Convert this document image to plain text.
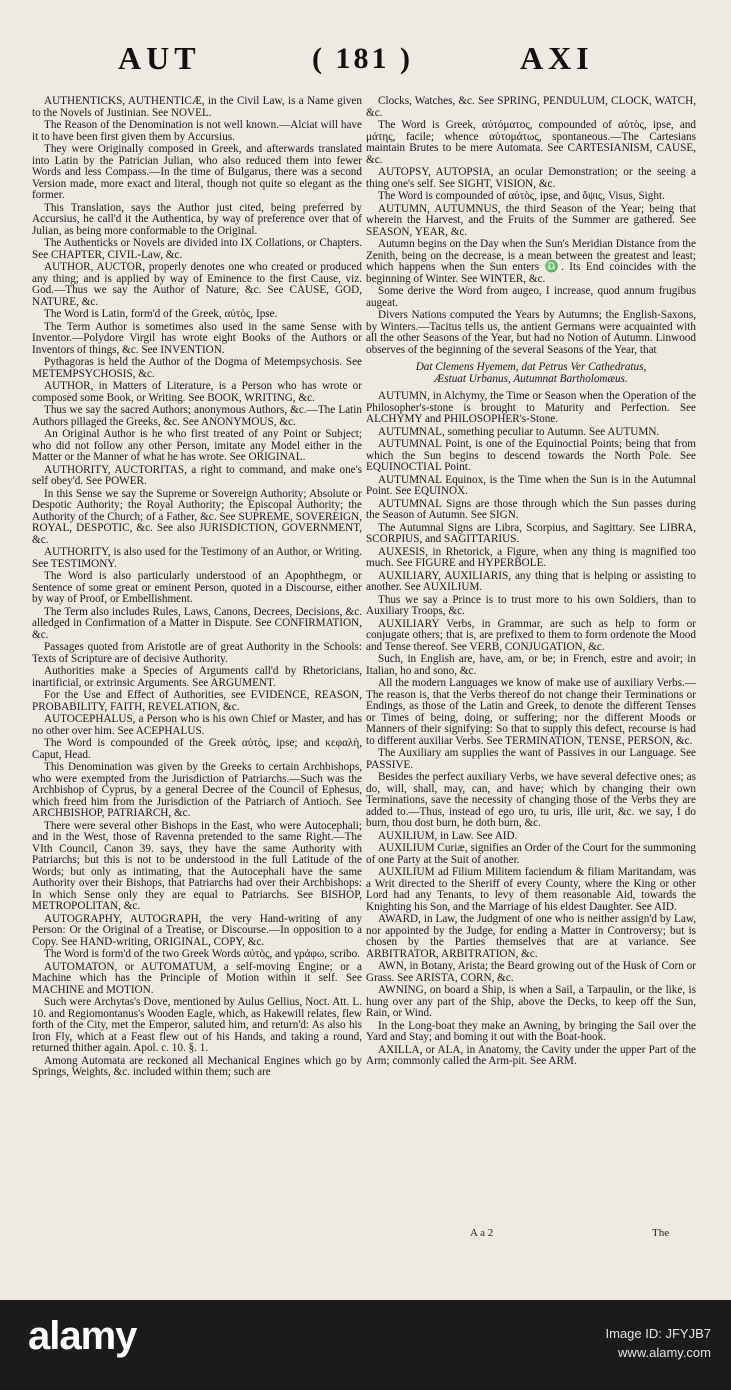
AUT	( 181 )	AXI

AUTHENTICKS, AUTHENTICÆ, in the Civil Law, is a Name given to the Novels of Justinian. See NOVEL.

The Reason of the Denomination is not well known.—Alciat will have it to have been first given them by Accursius.

They were Originally composed in Greek, and afterwards translated into Latin by the Patrician Julian, who also reduced them into fewer Words and less Compass.—In the time of Bulgarus, there was a second Version made, more exact and literal, though not quite so elegant as the former.

This Translation, says the Author just cited, being preferred by Accursius, he call'd it the Authentica, by way of preference over that of Julian, as being more conformable to the Original.

The Authenticks or Novels are divided into IX Collations, or Chapters. See CHAPTER, CIVIL-Law, &c.

AUTHOR, AUCTOR, properly denotes one who created or produced any thing; and is applied by way of Eminence to the first Cause, viz. God.—Thus we say the Author of Nature, &c. See CAUSE, GOD, NATURE, &c.

The Word is Latin, form'd of the Greek, αὐτὸς, Ipse.

The Term Author is sometimes also used in the same Sense with Inventor.—Polydore Virgil has wrote eight Books of the Authors or Inventors of things, &c. See INVENTION.

Pythagoras is held the Author of the Dogma of Metempsychosis. See METEMPSYCHOSIS, &c.

AUTHOR, in Matters of Literature, is a Person who has wrote or composed some Book, or Writing. See BOOK, WRITING, &c.

Thus we say the sacred Authors; anonymous Authors, &c.—The Latin Authors pillaged the Greeks, &c. See ANONYMOUS, &c.

An Original Author is he who first treated of any Point or Subject; who did not follow any other Person, imitate any Model either in the Matter or the Manner of what he has wrote. See ORIGINAL.

AUTHORITY, AUCTORITAS, a right to command, and make one's self obey'd. See POWER.

In this Sense we say the Supreme or Sovereign Authority; Absolute or Despotic Authority; the Royal Authority; the Episcopal Authority; the Authority of the Church; of a Father, &c. See SUPREME, SOVEREIGN, ROYAL, DESPOTIC, &c. See also JURISDICTION, GOVERNMENT, &c.

AUTHORITY, is also used for the Testimony of an Author, or Writing. See TESTIMONY.

The Word is also particularly understood of an Apophthegm, or Sentence of some great or eminent Person, quoted in a Discourse, either by way of Proof, or Embellishment.

The Term also includes Rules, Laws, Canons, Decrees, Decisions, &c. alledged in Confirmation of a Matter in Dispute. See CONFIRMATION, &c.

Passages quoted from Aristotle are of great Authority in the Schools: Texts of Scripture are of decisive Authority.

Authorities make a Species of Arguments call'd by Rhetoricians, inartificial, or extrinsic Arguments. See ARGUMENT.

For the Use and Effect of Authorities, see EVIDENCE, REASON, PROBABILITY, FAITH, REVELATION, &c.

AUTOCEPHALUS, a Person who is his own Chief or Master, and has no other over him. See ACEPHALUS.

The Word is compounded of the Greek αὐτὸς, ipse; and κεφαλὴ, Caput, Head.

This Denomination was given by the Greeks to certain Archbishops, who were exempted from the Jurisdiction of Patriarchs.—Such was the Archbishop of Cyprus, by a general Decree of the Council of Ephesus, which freed him from the Jurisdiction of the Patriarch of Antioch. See ARCHBISHOP, PATRIARCH, &c.

There were several other Bishops in the East, who were Autocephali; and in the West, those of Ravenna pretended to the same Right.—The VIth Council, Canon 39. says, they have the same Authority with Patriarchs; but this is not to be understood in the full Latitude of the Words; but only as intimating, that the Autocephali have the same Authority over their Bishops, that Patriarchs had over their Archbishops: In which Sense only they are equal to Patriarchs. See BISHOP, METROPOLITAN, &c.

AUTOGRAPHY, AUTOGRAPH, the very Hand-writing of any Person: Or the Original of a Treatise, or Discourse.—In opposition to a Copy. See HAND-writing, ORIGINAL, COPY, &c.

The Word is form'd of the two Greek Words αὐτὸς, and γράφω, scribo.

AUTOMATON, or AUTOMATUM, a self-moving Engine; or a Machine which has the Principle of Motion within it self. See MACHINE and MOTION.

Such were Archytas's Dove, mentioned by Aulus Gellius, Noct. Att. L. 10. and Regiomontanus's Wooden Eagle, which, as Hakewill relates, flew forth of the City, met the Emperor, saluted him, and return'd: As also his Iron Fly, which at a Feast flew out of his Hands, and taking a round, returned thither again. Apol. c. 10. §. 1.

Among Automata are reckoned all Mechanical Engines which go by Springs, Weights, &c. included within them; such are

Clocks, Watches, &c. See SPRING, PENDULUM, CLOCK, WATCH, &c.

The Word is Greek, αὐτόματος, compounded of αὐτὸς, ipse, and μάτης, facile; whence αὐτομάτως, spontaneous.—The Cartesians maintain Brutes to be mere Automata. See CARTESIANISM, CAUSE, &c.

AUTOPSY, AUTOPSIA, an ocular Demonstration; or the seeing a thing one's self. See SIGHT, VISION, &c.

The Word is compounded of αὐτὸς, ipse, and ὄψις, Visus, Sight.

AUTUMN, AUTUMNUS, the third Season of the Year; being that wherein the Harvest, and the Fruits of the Summer are gathered. See SEASON, YEAR, &c.

Autumn begins on the Day when the Sun's Meridian Distance from the Zenith, being on the decrease, is a mean between the greatest and least; which happens when the Sun enters ♎. Its End coincides with the beginning of Winter. See WINTER, &c.

Some derive the Word from augeo, I increase, quod annum frugibus augeat.

Divers Nations computed the Years by Autumns; the English-Saxons, by Winters.—Tacitus tells us, the antient Germans were acquainted with all the other Seasons of the Year, but had no Notion of Autumn. Linwood observes of the beginning of the several Seasons of the Year, that

Dat Clemens Hyemem, dat Petrus Ver Cathedratus,
Æstuat Urbanus, Autumnat Bartholomæus.

AUTUMN, in Alchymy, the Time or Season when the Operation of the Philosopher's-stone is brought to Maturity and Perfection. See ALCHYMY and PHILOSOPHER's-Stone.

AUTUMNAL, something peculiar to Autumn. See AUTUMN.

AUTUMNAL Point, is one of the Equinoctial Points; being that from which the Sun begins to descend towards the North Pole. See EQUINOCTIAL Point.

AUTUMNAL Equinox, is the Time when the Sun is in the Autumnal Point. See EQUINOX.

AUTUMNAL Signs are those through which the Sun passes during the Season of Autumn. See SIGN.

The Autumnal Signs are Libra, Scorpius, and Sagittary. See LIBRA, SCORPIUS, and SAGITTARIUS.

AUXESIS, in Rhetorick, a Figure, when any thing is magnified too much. See FIGURE and HYPERBOLE.

AUXILIARY, AUXILIARIS, any thing that is helping or assisting to another. See AUXILIUM.

Thus we say a Prince is to trust more to his own Soldiers, than to Auxiliary Troops, &c.

AUXILIARY Verbs, in Grammar, are such as help to form or conjugate others; that is, are prefixed to them to form ordenote the Mood and Tense thereof. See VERB, CONJUGATION, &c.

Such, in English are, have, am, or be; in French, estre and avoir; in Italian, ho and sono, &c.

All the modern Languages we know of make use of auxiliary Verbs.—The reason is, that the Verbs thereof do not change their Terminations or Endings, as those of the Latin and Greek, to denote the different Tenses or Times of being, doing, or suffering; nor the different Moods or Manners of their signifying: So that to supply this defect, recourse is had to different auxiliar Verbs. See TERMINATION, TENSE, PERSON, &c.

The Auxiliary am supplies the want of Passives in our Language. See PASSIVE.

Besides the perfect auxiliary Verbs, we have several defective ones; as do, will, shall, may, can, and have; which by changing their own Terminations, save the necessity of changing those of the Verbs they are added to.—Thus, instead of ego uro, tu uris, ille urit, &c. we say, I do burn, thou dost burn, he doth burn, &c.

AUXILIUM, in Law. See AID.

AUXILIUM Curiæ, signifies an Order of the Court for the summoning of one Party at the Suit of another.

AUXILIUM ad Filium Militem faciendum & filiam Maritandam, was a Writ directed to the Sheriff of every County, where the King or other Lord had any Tenants, to levy of them reasonable Aid, towards the Knighting his Son, and the Marriage of his eldest Daughter. See AID.

AWARD, in Law, the Judgment of one who is neither assign'd by Law, nor appointed by the Judge, for ending a Matter in Controversy; but is chosen by the Parties themselves that are at variance. See ARBITRATOR, ARBITRATION, &c.

AWN, in Botany, Arista; the Beard growing out of the Husk of Corn or Grass. See ARISTA, CORN, &c.

AWNING, on board a Ship, is when a Sail, a Tarpaulin, or the like, is hung over any part of the Ship, above the Decks, to keep off the Sun, Rain, or Wind.

In the Long-boat they make an Awning, by bringing the Sail over the Yard and Stay; and boming it out with the Boat-hook.

AXILLA, or ALA, in Anatomy, the Cavity under the upper Part of the Arm; commonly called the Arm-pit. See ARM.

A a 2	The
alamy	Image ID: JFYJB7
www.alamy.com
